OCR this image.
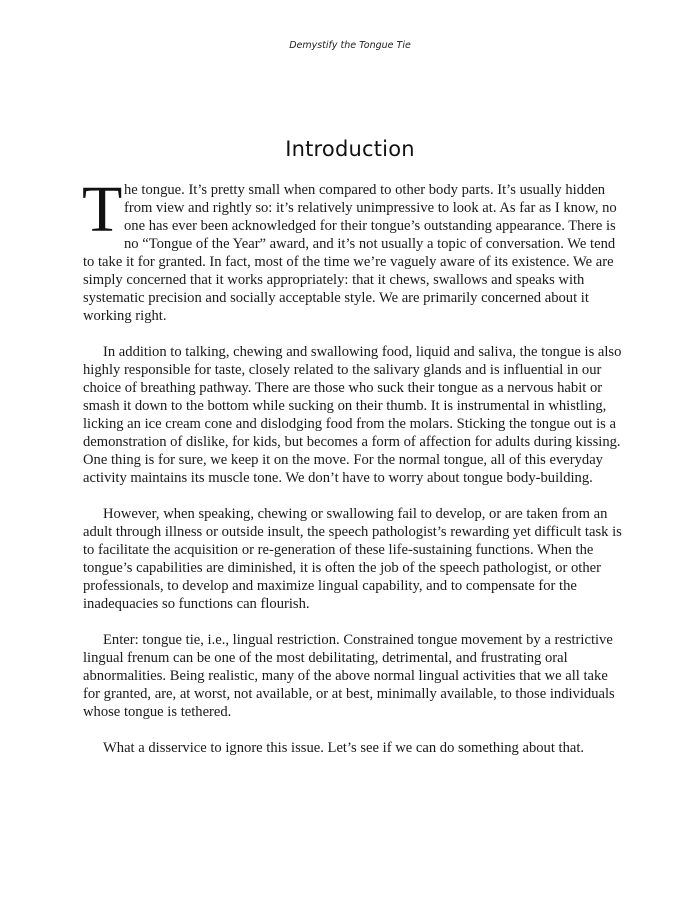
Demystify the Tongue Tie
Introduction

The tongue. It’s pretty small when compared to other body parts. It’s usually hidden from view and rightly so: it’s relatively unimpressive to look at. As far as I know, no one has ever been acknowledged for their tongue’s outstanding appearance. There is no “Tongue of the Year” award, and it’s not usually a topic of conversation. We tend to take it for granted. In fact, most of the time we’re vaguely aware of its existence. We are simply concerned that it works appropriately: that it chews, swallows and speaks with systematic precision and socially acceptable style. We are primarily concerned about it working right.

In addition to talking, chewing and swallowing food, liquid and saliva, the tongue is also highly responsible for taste, closely related to the salivary glands and is influential in our choice of breathing pathway. There are those who suck their tongue as a nervous habit or smash it down to the bottom while sucking on their thumb. It is instrumental in whistling, licking an ice cream cone and dislodging food from the molars. Sticking the tongue out is a demonstration of dislike, for kids, but becomes a form of affection for adults during kissing. One thing is for sure, we keep it on the move. For the normal tongue, all of this everyday activity maintains its muscle tone. We don’t have to worry about tongue body-building.

However, when speaking, chewing or swallowing fail to develop, or are taken from an adult through illness or outside insult, the speech pathologist’s rewarding yet difficult task is to facilitate the acquisition or re-generation of these life-sustaining functions. When the tongue’s capabilities are diminished, it is often the job of the speech pathologist, or other professionals, to develop and maximize lingual capability, and to compensate for the inadequacies so functions can flourish.

Enter: tongue tie, i.e., lingual restriction. Constrained tongue movement by a restrictive lingual frenum can be one of the most debilitating, detrimental, and frustrating oral abnormalities. Being realistic, many of the above normal lingual activities that we all take for granted, are, at worst, not available, or at best, minimally available, to those individuals whose tongue is tethered.

What a disservice to ignore this issue. Let’s see if we can do something about that.
